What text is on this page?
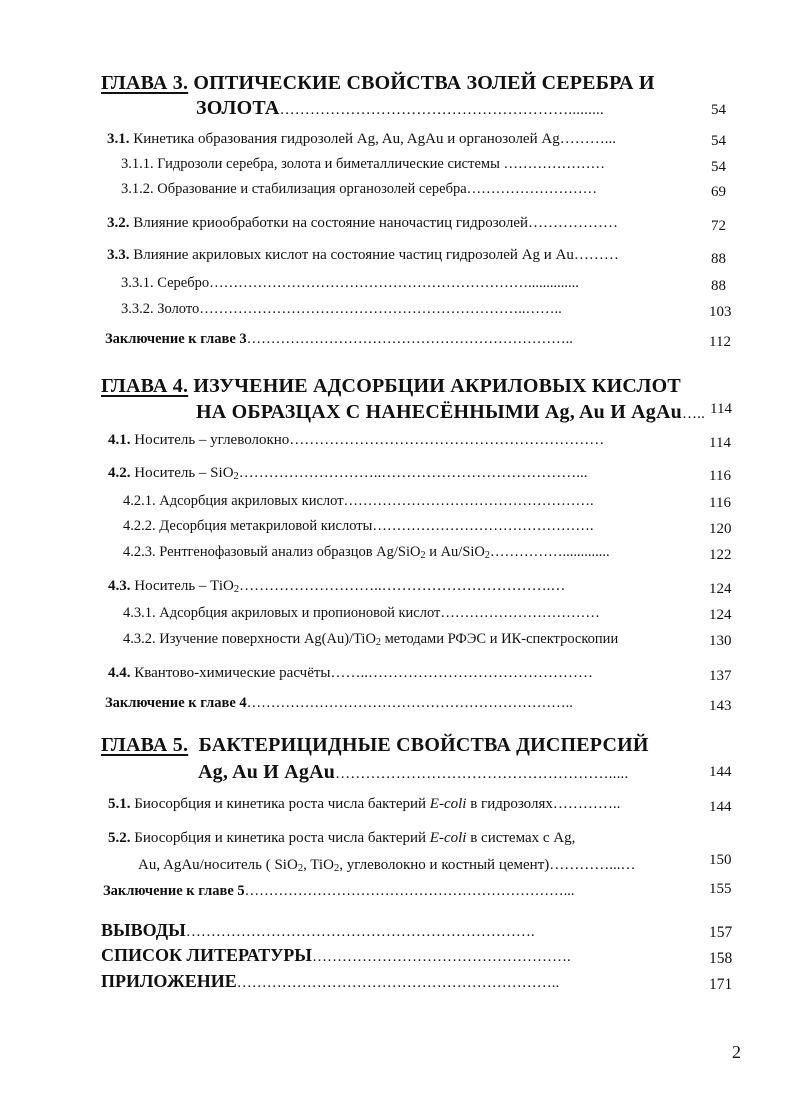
ГЛАВА 3. ОПТИЧЕСКИЕ СВОЙСТВА ЗОЛЕЙ СЕРЕБРА И
ЗОЛОТА………………………………………………….........	54
3.1. Кинетика образования гидрозолей Ag, Au, AgAu и органозолей Ag………...	54
3.1.1. Гидрозоли серебра, золота и биметаллические системы …………………	54
3.1.2. Образование и стабилизация органозолей серебра………………………	69
3.2. Влияние криообработки на состояние наночастиц гидрозолей………………	72
3.3. Влияние акриловых кислот на состояние частиц гидрозолей Ag и Au………	88
3.3.1. Серебро…………………………………………………………..............	88
3.3.2. Золото…………………………………………………………..……..	103
Заключение к главе 3…………………………………………………………..	112
ГЛАВА 4. ИЗУЧЕНИЕ АДСОРБЦИИ АКРИЛОВЫХ КИСЛОТ
НА ОБРАЗЦАХ С НАНЕСЁННЫМИ Ag, Au И AgAu….. 114
4.1. Носитель – углеволокно………………………………………………………	114
4.2. Носитель – SiO$_2$………………………..…………………………………...	116
4.2.1. Адсорбция акриловых кислот…………………………………………….	116
4.2.2. Десорбция метакриловой кислоты……………………………………….	120
4.2.3. Рентгенофазовый анализ образцов Ag/SiO$_2$ и Au/SiO$_2$…………….............	122
4.3. Носитель – TiO$_2$………………………..…………………………….…	124
4.3.1. Адсорбция акриловых и пропионовой кислот……………………………	124
4.3.2. Изучение поверхности Ag(Au)/TiO$_2$ методами РФЭС и ИК-спектроскопии	130
4.4. Квантово-химические расчёты……..………………………………………	137
Заключение к главе 4…………………………………………………………..	143
ГЛАВА 5.  БАКТЕРИЦИДНЫЕ СВОЙСТВА ДИСПЕРСИЙ
Ag, Au И AgAu……………………………………………….....	144
5.1. Биосорбция и кинетика роста числа бактерий E-coli в гидрозолях…………..	144
5.2. Биосорбция и кинетика роста числа бактерий E-coli в системах с Ag,
Au, AgAu/носитель ( SiO$_2$, TiO$_2$, углеволокно и костный цемент)…………...…	150
Заключение к главе 5…………………………………………………………...	155
ВЫВОДЫ…………………………………………………………….	157
СПИСОК ЛИТЕРАТУРЫ…………………………………………….	158
ПРИЛОЖЕНИЕ………………………………………………………..	171
2
